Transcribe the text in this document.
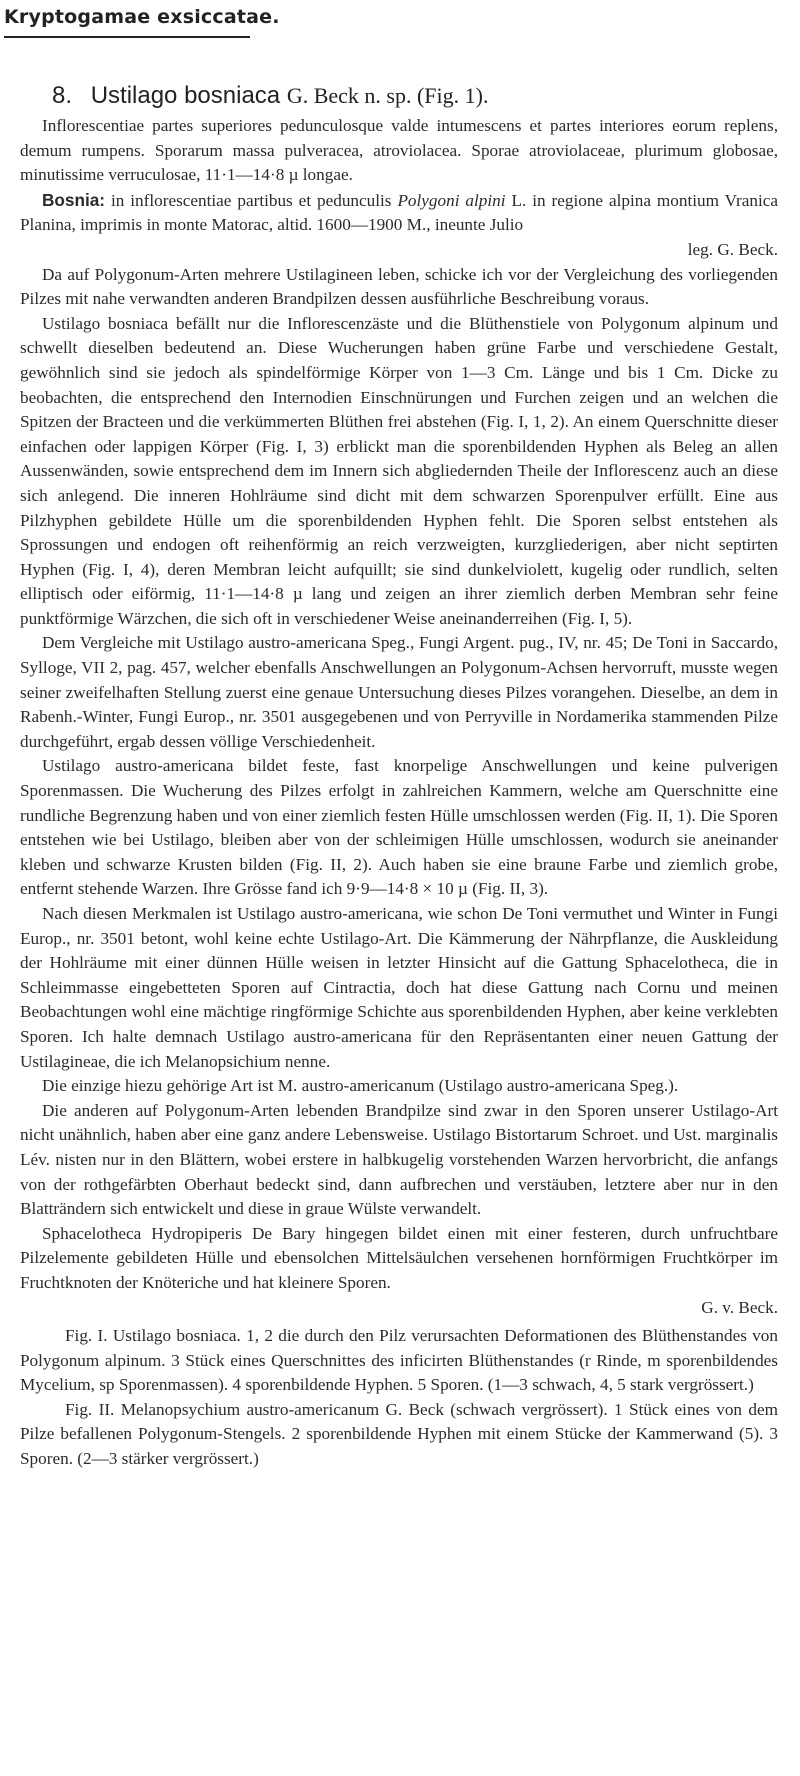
Kryptogamae exsiccatae.
8. Ustilago bosniaca G. Beck n. sp. (Fig. 1).

Inflorescentiae partes superiores pedunculosque valde intumescens et partes interiores eorum replens, demum rumpens. Sporarum massa pulveracea, atroviolacea. Sporae atroviolaceae, plurimum globosae, minutissime verruculosae, 11·1—14·8 µ longae.

Bosnia: in inflorescentiae partibus et pedunculis Polygoni alpini L. in regione alpina montium Vranica Planina, imprimis in monte Matorac, altid. 1600—1900 M., ineunte Julio

leg. G. Beck.

Da auf Polygonum-Arten mehrere Ustilagineen leben, schicke ich vor der Vergleichung des vorliegenden Pilzes mit nahe verwandten anderen Brandpilzen dessen ausführliche Beschreibung voraus.

Ustilago bosniaca befällt nur die Inflorescenzäste und die Blüthenstiele von Polygonum alpinum und schwellt dieselben bedeutend an. Diese Wucherungen haben grüne Farbe und verschiedene Gestalt, gewöhnlich sind sie jedoch als spindelförmige Körper von 1—3 Cm. Länge und bis 1 Cm. Dicke zu beobachten, die entsprechend den Internodien Einschnürungen und Furchen zeigen und an welchen die Spitzen der Bracteen und die verkümmerten Blüthen frei abstehen (Fig. I, 1, 2). An einem Querschnitte dieser einfachen oder lappigen Körper (Fig. I, 3) erblickt man die sporenbildenden Hyphen als Beleg an allen Aussenwänden, sowie entsprechend dem im Innern sich abgliedernden Theile der Inflorescenz auch an diese sich anlegend. Die inneren Hohlräume sind dicht mit dem schwarzen Sporenpulver erfüllt. Eine aus Pilzhyphen gebildete Hülle um die sporenbildenden Hyphen fehlt. Die Sporen selbst entstehen als Sprossungen und endogen oft reihenförmig an reich verzweigten, kurzgliederigen, aber nicht septirten Hyphen (Fig. I, 4), deren Membran leicht aufquillt; sie sind dunkelviolett, kugelig oder rundlich, selten elliptisch oder eiförmig, 11·1—14·8 µ lang und zeigen an ihrer ziemlich derben Membran sehr feine punktförmige Wärzchen, die sich oft in verschiedener Weise aneinanderreihen (Fig. I, 5).

Dem Vergleiche mit Ustilago austro-americana Speg., Fungi Argent. pug., IV, nr. 45; De Toni in Saccardo, Sylloge, VII 2, pag. 457, welcher ebenfalls Anschwellungen an Polygonum-Achsen hervorruft, musste wegen seiner zweifelhaften Stellung zuerst eine genaue Untersuchung dieses Pilzes vorangehen. Dieselbe, an dem in Rabenh.-Winter, Fungi Europ., nr. 3501 ausgegebenen und von Perryville in Nordamerika stammenden Pilze durchgeführt, ergab dessen völlige Verschiedenheit.

Ustilago austro-americana bildet feste, fast knorpelige Anschwellungen und keine pulverigen Sporenmassen. Die Wucherung des Pilzes erfolgt in zahlreichen Kammern, welche am Querschnitte eine rundliche Begrenzung haben und von einer ziemlich festen Hülle umschlossen werden (Fig. II, 1). Die Sporen entstehen wie bei Ustilago, bleiben aber von der schleimigen Hülle umschlossen, wodurch sie aneinander kleben und schwarze Krusten bilden (Fig. II, 2). Auch haben sie eine braune Farbe und ziemlich grobe, entfernt stehende Warzen. Ihre Grösse fand ich 9·9—14·8 × 10 µ (Fig. II, 3).

Nach diesen Merkmalen ist Ustilago austro-americana, wie schon De Toni vermuthet und Winter in Fungi Europ., nr. 3501 betont, wohl keine echte Ustilago-Art. Die Kämmerung der Nährpflanze, die Auskleidung der Hohlräume mit einer dünnen Hülle weisen in letzter Hinsicht auf die Gattung Sphacelotheca, die in Schleimmasse eingebetteten Sporen auf Cintractia, doch hat diese Gattung nach Cornu und meinen Beobachtungen wohl eine mächtige ringförmige Schichte aus sporenbildenden Hyphen, aber keine verklebten Sporen. Ich halte demnach Ustilago austro-americana für den Repräsentanten einer neuen Gattung der Ustilagineae, die ich Melanopsichium nenne.

Die einzige hiezu gehörige Art ist M. austro-americanum (Ustilago austro-americana Speg.).

Die anderen auf Polygonum-Arten lebenden Brandpilze sind zwar in den Sporen unserer Ustilago-Art nicht unähnlich, haben aber eine ganz andere Lebensweise. Ustilago Bistortarum Schroet. und Ust. marginalis Lév. nisten nur in den Blättern, wobei erstere in halbkugelig vorstehenden Warzen hervorbricht, die anfangs von der rothgefärbten Oberhaut bedeckt sind, dann aufbrechen und verstäuben, letztere aber nur in den Blatträndern sich entwickelt und diese in graue Wülste verwandelt.

Sphacelotheca Hydropiperis De Bary hingegen bildet einen mit einer festeren, durch unfruchtbare Pilzelemente gebildeten Hülle und ebensolchen Mittelsäulchen versehenen hornförmigen Fruchtkörper im Fruchtknoten der Knöteriche und hat kleinere Sporen.

G. v. Beck.

Fig. I. Ustilago bosniaca. 1, 2 die durch den Pilz verursachten Deformationen des Blüthenstandes von Polygonum alpinum. 3 Stück eines Querschnittes des inficirten Blüthenstandes (r Rinde, m sporenbildendes Mycelium, sp Sporenmassen). 4 sporenbildende Hyphen. 5 Sporen. (1—3 schwach, 4, 5 stark vergrössert.)

Fig. II. Melanopsychium austro-americanum G. Beck (schwach vergrössert). 1 Stück eines von dem Pilze befallenen Polygonum-Stengels. 2 sporenbildende Hyphen mit einem Stücke der Kammerwand (5). 3 Sporen. (2—3 stärker vergrössert.)
